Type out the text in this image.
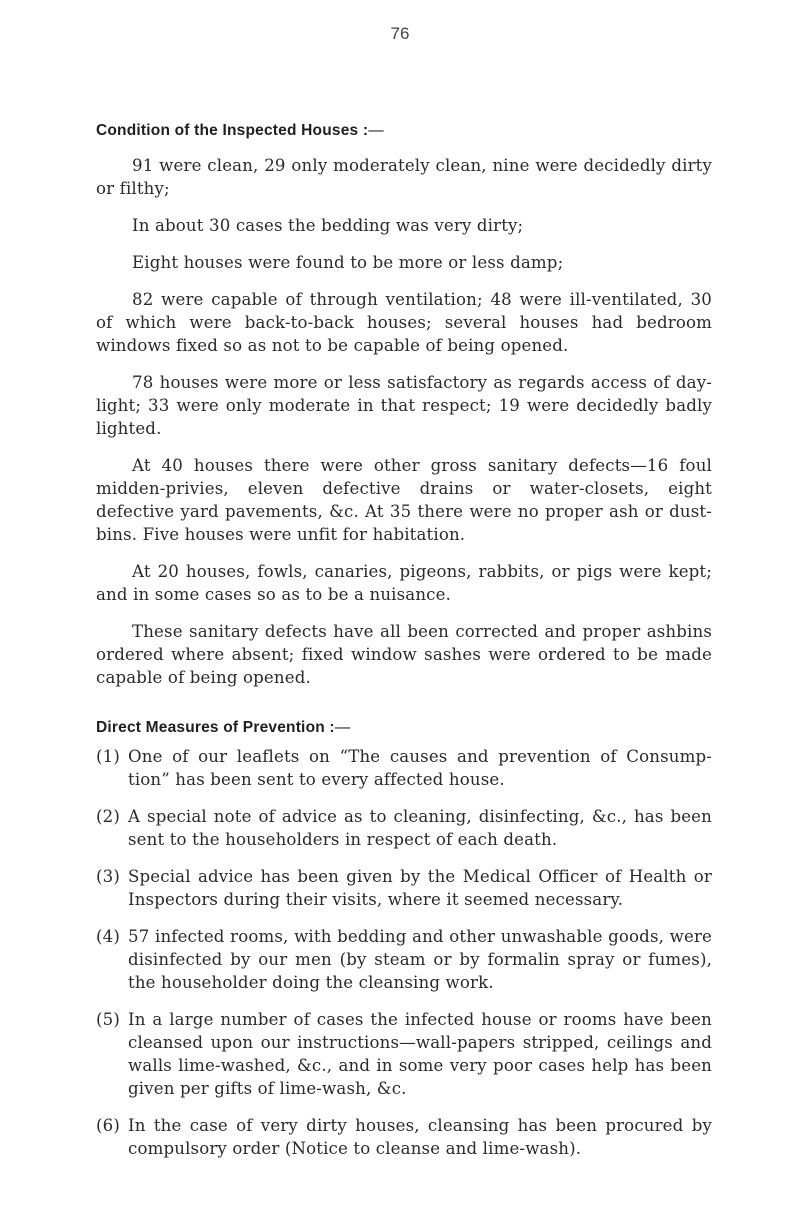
76

Condition of the Inspected Houses :—

91 were clean, 29 only moderately clean, nine were decidedly dirty or filthy;

In about 30 cases the bedding was very dirty;

Eight houses were found to be more or less damp;

82 were capable of through ventilation; 48 were ill-ventilated, 30 of which were back-to-back houses; several houses had bedroom windows fixed so as not to be capable of being opened.

78 houses were more or less satisfactory as regards access of day-light; 33 were only moderate in that respect; 19 were decidedly badly lighted.

At 40 houses there were other gross sanitary defects—16 foul midden-privies, eleven defective drains or water-closets, eight defective yard pavements, &c. At 35 there were no proper ash or dust-bins. Five houses were unfit for habitation.

At 20 houses, fowls, canaries, pigeons, rabbits, or pigs were kept; and in some cases so as to be a nuisance.

These sanitary defects have all been corrected and proper ashbins ordered where absent; fixed window sashes were ordered to be made capable of being opened.

Direct Measures of Prevention :—

(1) One of our leaflets on “The causes and prevention of Consump-tion” has been sent to every affected house.
(2) A special note of advice as to cleaning, disinfecting, &c., has been sent to the householders in respect of each death.
(3) Special advice has been given by the Medical Officer of Health or Inspectors during their visits, where it seemed necessary.
(4) 57 infected rooms, with bedding and other unwashable goods, were disinfected by our men (by steam or by formalin spray or fumes), the householder doing the cleansing work.
(5) In a large number of cases the infected house or rooms have been cleansed upon our instructions—wall-papers stripped, ceilings and walls lime-washed, &c., and in some very poor cases help has been given per gifts of lime-wash, &c.
(6) In the case of very dirty houses, cleansing has been procured by compulsory order (Notice to cleanse and lime-wash).
